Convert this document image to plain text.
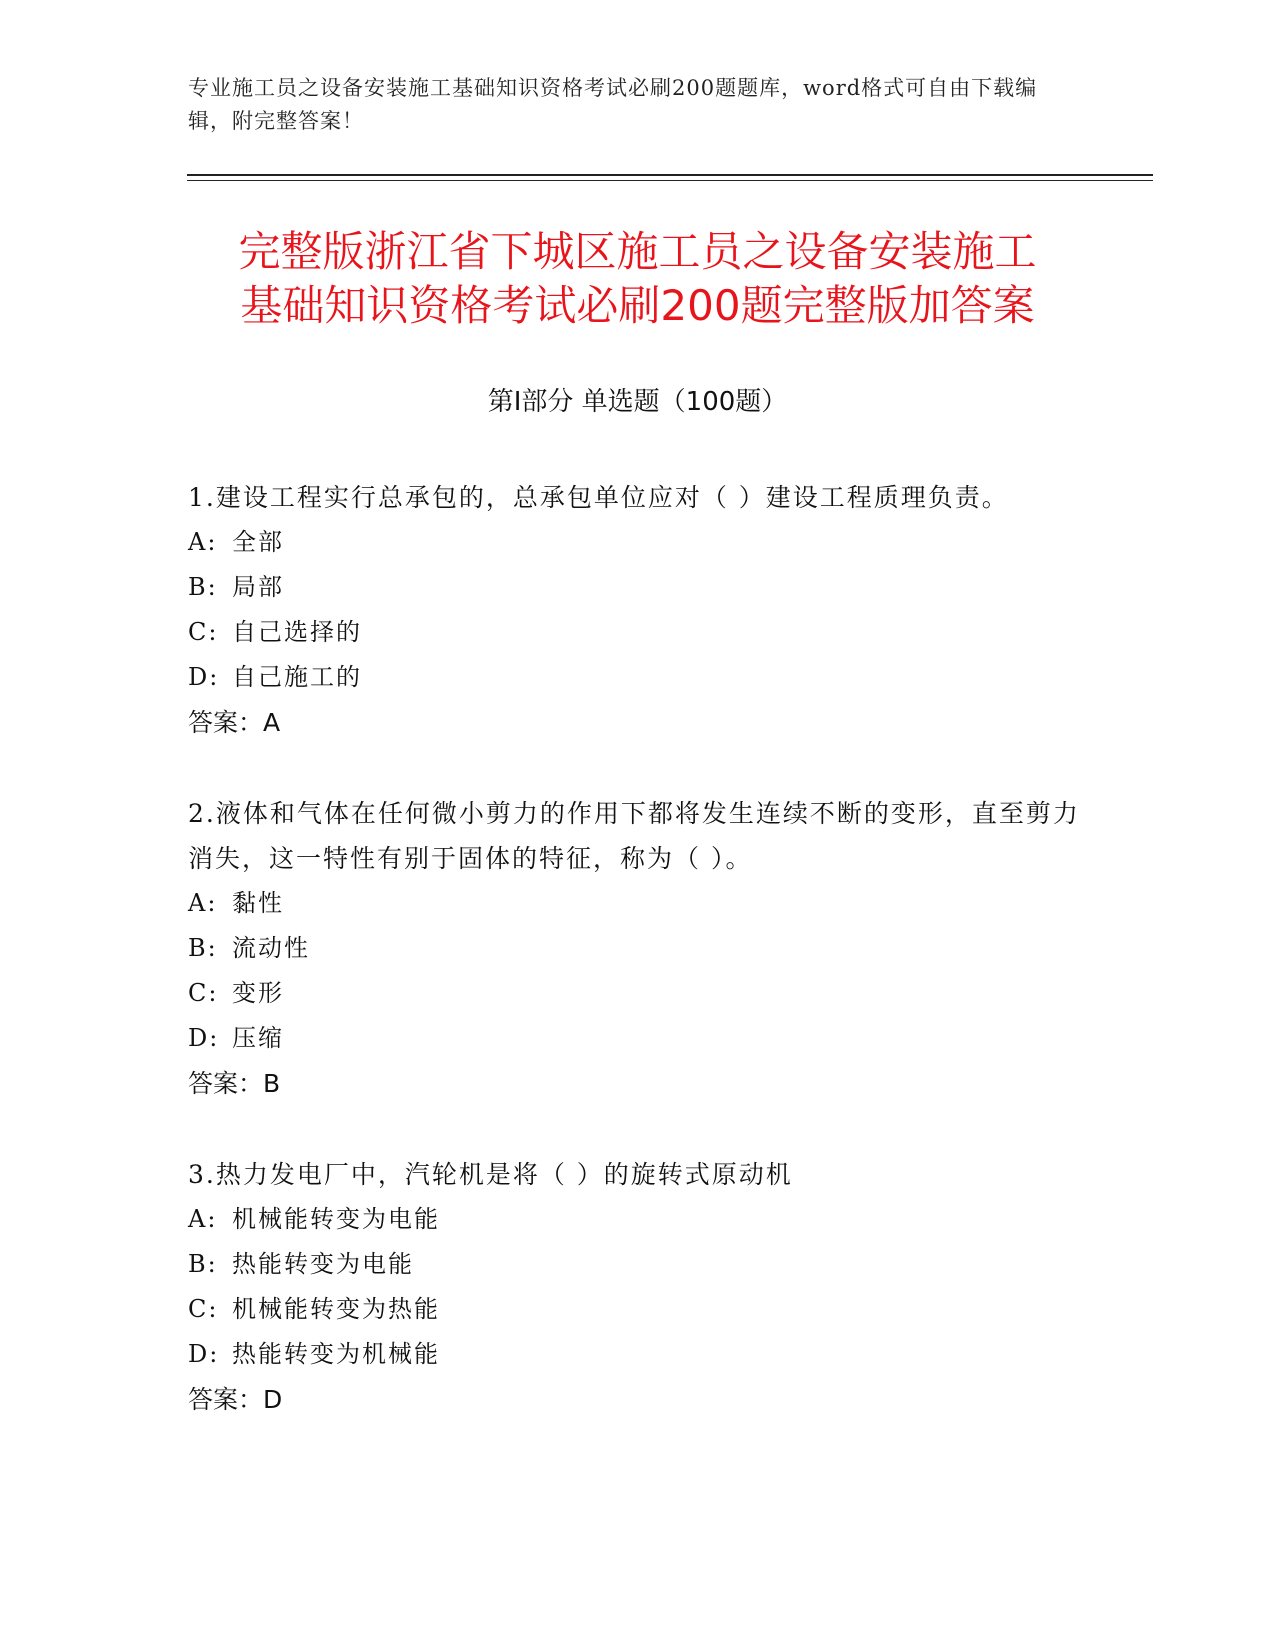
专业施工员之设备安装施工基础知识资格考试必刷200题题库，word格式可自由下载编辑，附完整答案！
完整版浙江省下城区施工员之设备安装施工
基础知识资格考试必刷200题完整版加答案
第I部分 单选题（100题）

1.建设工程实行总承包的，总承包单位应对（ ）建设工程质理负责。

A: 全部

B: 局部

C: 自己选择的

D: 自己施工的

答案：A

2.液体和气体在任何微小剪力的作用下都将发生连续不断的变形，直至剪力消失，这一特性有别于固体的特征，称为（ ）。

A: 黏性

B: 流动性

C: 变形

D: 压缩

答案：B

3.热力发电厂中，汽轮机是将（ ）的旋转式原动机

A: 机械能转变为电能

B: 热能转变为电能

C: 机械能转变为热能

D: 热能转变为机械能

答案：D
